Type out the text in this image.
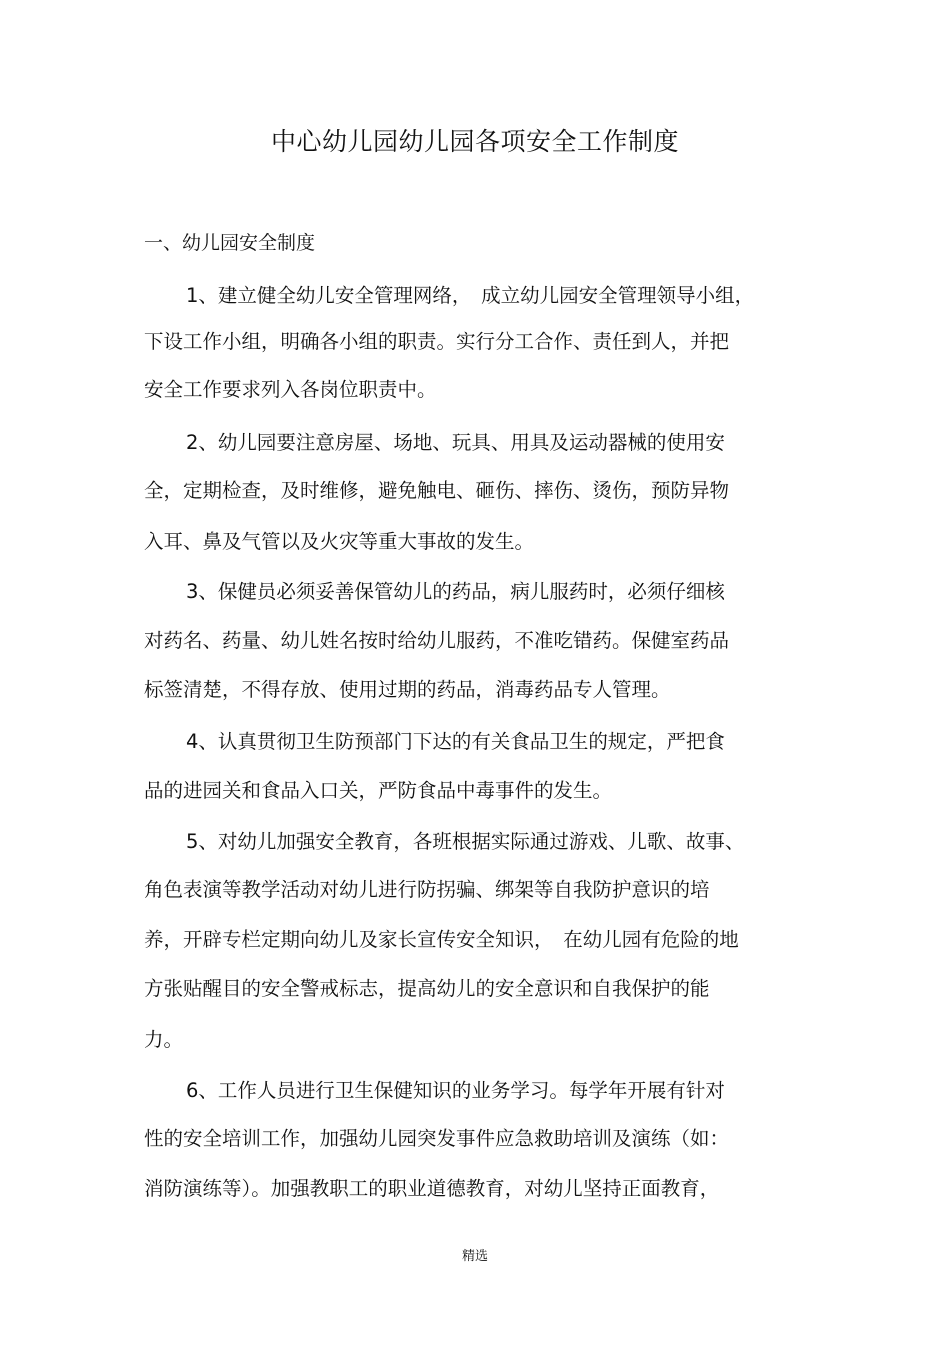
中心幼儿园幼儿园各项安全工作制度
一、幼儿园安全制度
1、建立健全幼儿安全管理网络，　成立幼儿园安全管理领导小组，
下设工作小组，明确各小组的职责。实行分工合作、责任到人，并把
安全工作要求列入各岗位职责中。
2、幼儿园要注意房屋、场地、玩具、用具及运动器械的使用安
全，定期检查，及时维修，避免触电、砸伤、摔伤、烫伤，预防异物
入耳、鼻及气管以及火灾等重大事故的发生。
3、保健员必须妥善保管幼儿的药品，病儿服药时，必须仔细核
对药名、药量、幼儿姓名按时给幼儿服药，不准吃错药。保健室药品
标签清楚，不得存放、使用过期的药品，消毒药品专人管理。
4、认真贯彻卫生防预部门下达的有关食品卫生的规定，严把食
品的进园关和食品入口关，严防食品中毒事件的发生。
5、对幼儿加强安全教育，各班根据实际通过游戏、儿歌、故事、
角色表演等教学活动对幼儿进行防拐骗、绑架等自我防护意识的培
养，开辟专栏定期向幼儿及家长宣传安全知识，　在幼儿园有危险的地
方张贴醒目的安全警戒标志，提高幼儿的安全意识和自我保护的能
力。
6、工作人员进行卫生保健知识的业务学习。每学年开展有针对
性的安全培训工作，加强幼儿园突发事件应急救助培训及演练（如：
消防演练等）。加强教职工的职业道德教育，对幼儿坚持正面教育，
精选
